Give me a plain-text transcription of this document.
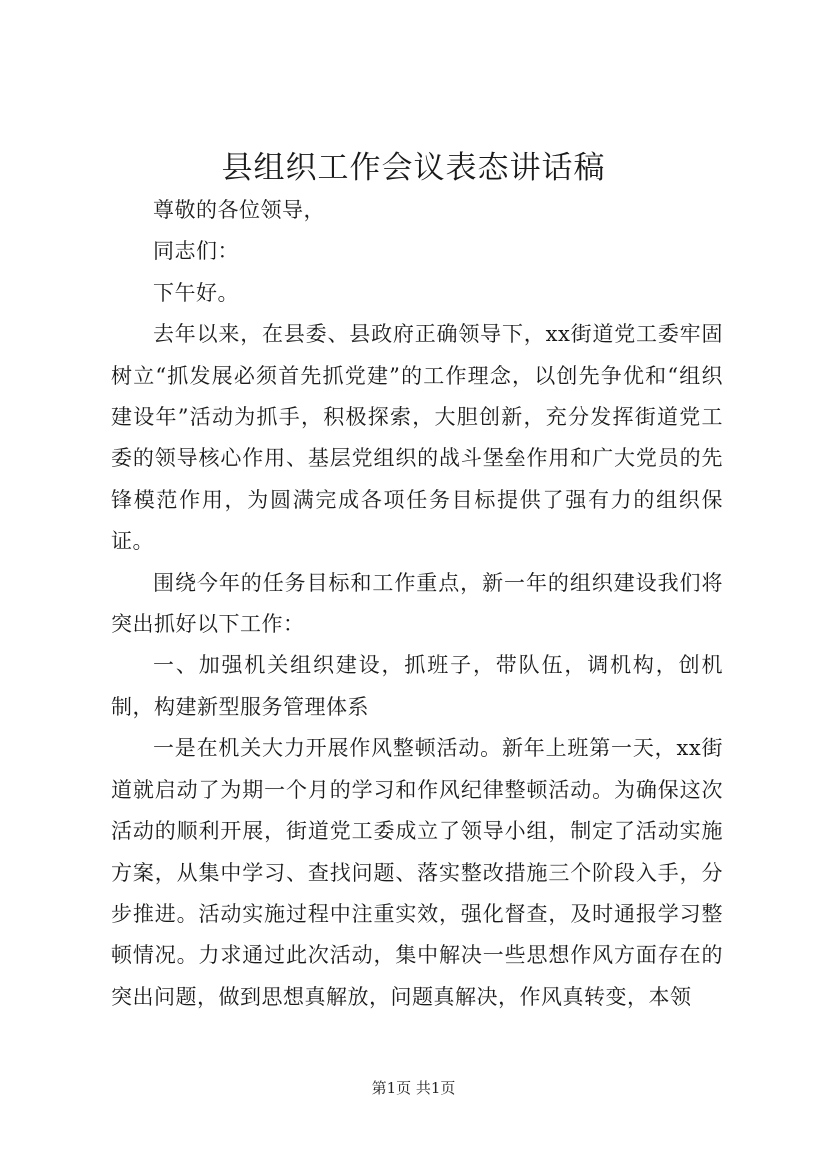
县组织工作会议表态讲话稿

尊敬的各位领导，

同志们：

下午好。

去年以来，在县委、县政府正确领导下，xx街道党工委牢固树立“抓发展必须首先抓党建”的工作理念，以创先争优和“组织建设年”活动为抓手，积极探索，大胆创新，充分发挥街道党工委的领导核心作用、基层党组织的战斗堡垒作用和广大党员的先锋模范作用，为圆满完成各项任务目标提供了强有力的组织保证。

围绕今年的任务目标和工作重点，新一年的组织建设我们将突出抓好以下工作：

一、加强机关组织建设，抓班子，带队伍，调机构，创机制，构建新型服务管理体系

一是在机关大力开展作风整顿活动。新年上班第一天，xx街道就启动了为期一个月的学习和作风纪律整顿活动。为确保这次活动的顺利开展，街道党工委成立了领导小组，制定了活动实施方案，从集中学习、查找问题、落实整改措施三个阶段入手，分步推进。活动实施过程中注重实效，强化督查，及时通报学习整顿情况。力求通过此次活动，集中解决一些思想作风方面存在的突出问题，做到思想真解放，问题真解决，作风真转变，本领

第1页 共1页
